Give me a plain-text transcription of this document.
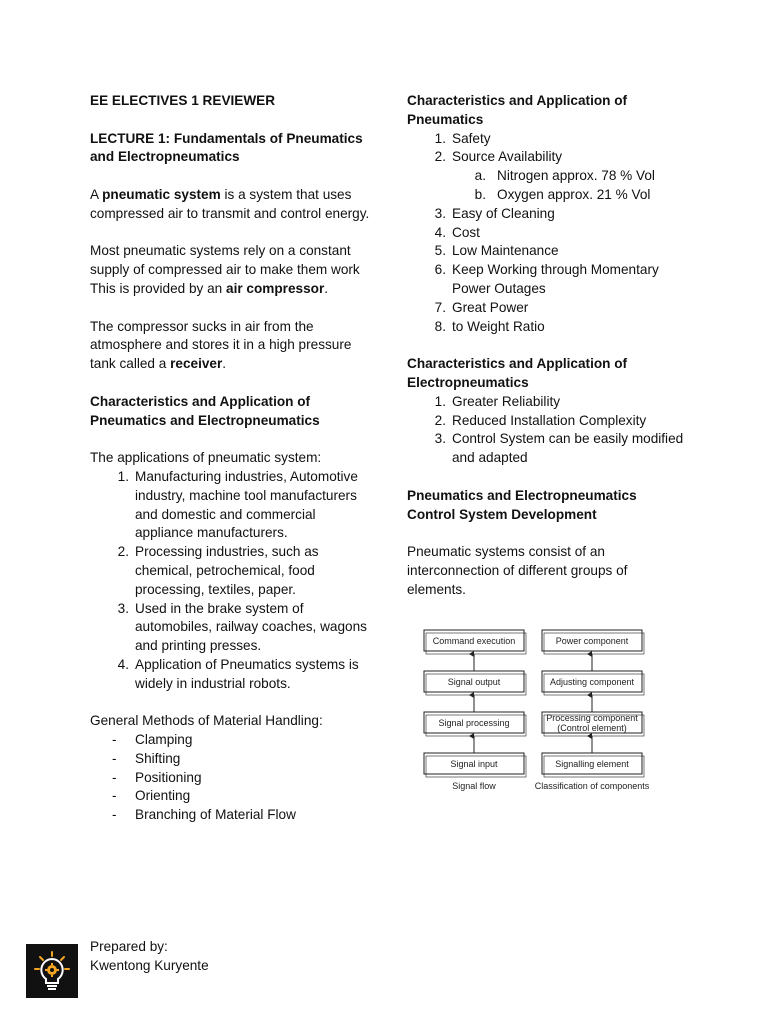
EE ELECTIVES 1 REVIEWER

LECTURE 1: Fundamentals of Pneumatics and Electropneumatics

A pneumatic system is a system that uses compressed air to transmit and control energy.

Most pneumatic systems rely on a constant supply of compressed air to make them work This is provided by an air compressor.

The compressor sucks in air from the atmosphere and stores it in a high pressure tank called a receiver.

Characteristics and Application of Pneumatics and Electropneumatics

The applications of pneumatic system:

1. Manufacturing industries, Automotive industry, machine tool manufacturers and domestic and commercial appliance manufacturers.
2. Processing industries, such as chemical, petrochemical, food processing, textiles, paper.
3. Used in the brake system of automobiles, railway coaches, wagons and printing presses.
4. Application of Pneumatics systems is widely in industrial robots.

General Methods of Material Handling:

- Clamping
- Shifting
- Positioning
- Orienting
- Branching of Material Flow

Characteristics and Application of Pneumatics

1. Safety
2. Source Availability
a. Nitrogen approx. 78 % Vol
b. Oxygen approx. 21 % Vol
3. Easy of Cleaning
4. Cost
5. Low Maintenance
6. Keep Working through Momentary Power Outages
7. Great Power
8. to Weight Ratio

Characteristics and Application of Electropneumatics

1. Greater Reliability
2. Reduced Installation Complexity
3. Control System can be easily modified and adapted

Pneumatics and Electropneumatics Control System Development

Pneumatic systems consist of an interconnection of different groups of elements.

Command execution
Signal output
Signal processing
Signal input
Signal flow
Power component
Adjusting component
Processing component
(Control element)
Signalling element
Classification of components

Prepared by:

Kwentong Kuryente
